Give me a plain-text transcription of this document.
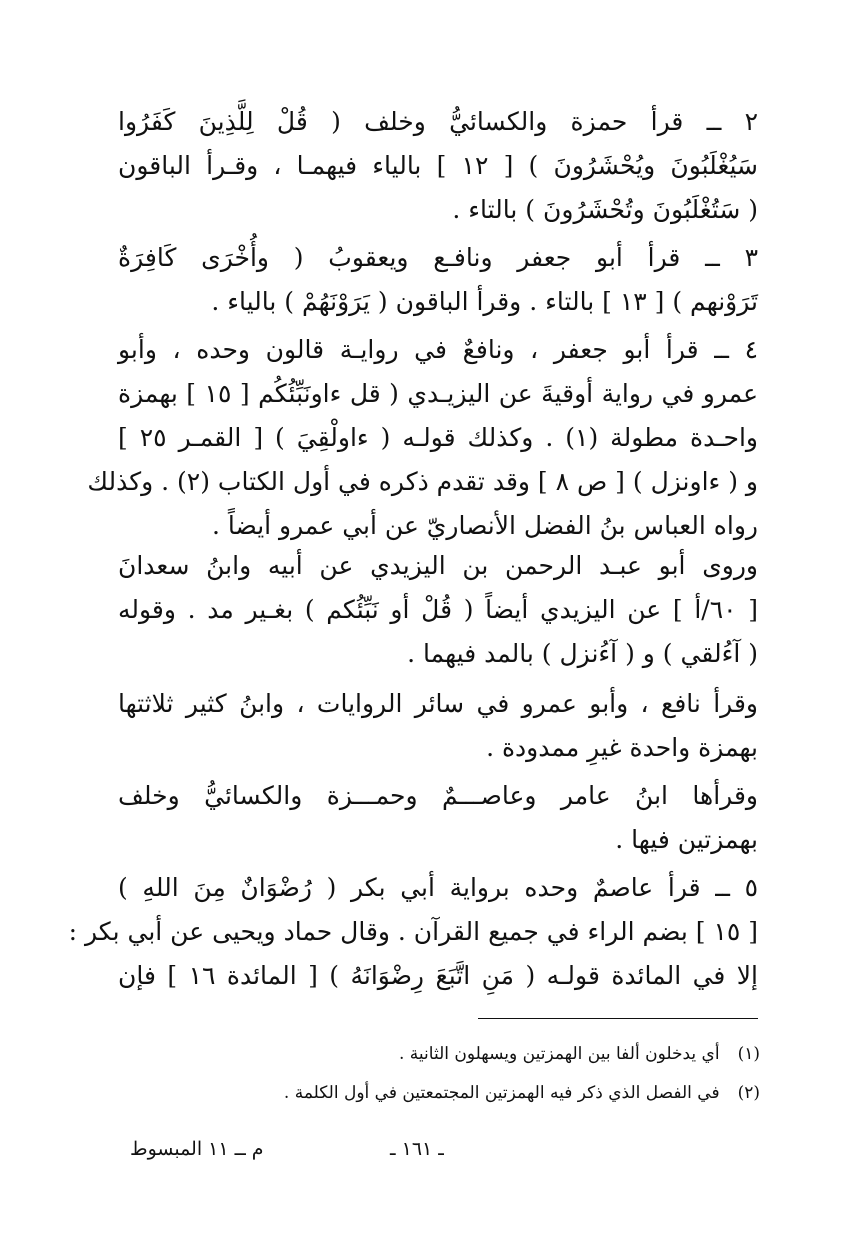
٢ ــ قرأ حمزة والكسائيُّ وخلف ( قُلْ لِلَّذِينَ كَفَرُوا
سَيُغْلَبُونَ ويُحْشَرُونَ ) [ ١٢ ] بالياء فيهمـا ، وقـرأ الباقون
( سَتُغْلَبُونَ وتُحْشَرُونَ ) بالتاء .
٣ ــ قرأ أبو جعفر ونافـع ويعقوبُ ( وأُخْرَى كَافِرَةٌ
تَرَوْنهم ) [ ١٣ ] بالتاء . وقرأ الباقون ( يَرَوْنَهُمْ ) بالياء .
٤ ــ قرأ أبو جعفر ، ونافعٌ في روايـة قالون وحده ، وأبو
عمرو في رواية أوقيةَ عن اليزيـدي ( قل ءاونَبِّئُكُم [ ١٥ ] بهمزة
واحـدة مطولة (١) . وكذلك قولـه ( ءاولْقِيَ ) [ القمـر ٢٥ ]
و ( ءاونزل ) [ ص ٨ ] وقد تقدم ذكره في أول الكتاب (٢) . وكذلك
رواه العباس بنُ الفضل الأنصاريّ عن أبي عمرو أيضاً .
وروى أبو عبـد الرحمن بن اليزيدي عن أبيه وابنُ سعدانَ
[ ٦٠/أ ] عن اليزيدي أيضاً ( قُلْ أو نَبِّئُكم ) بغـير مد . وقوله
( آءُلقي ) و ( آءُنزل ) بالمد فيهما .
وقرأ نافع ، وأبو عمرو في سائر الروايات ، وابنُ كثير ثلاثتها
بهمزة واحدة غيرِ ممدودة .
وقرأها ابنُ عامر وعاصـــمٌ وحمـــزة والكسائيُّ وخلف
بهمزتين فيها .
٥ ــ قرأ عاصمٌ وحده برواية أبي بكر ( رُضْوَانٌ مِنَ اللهِ )
[ ١٥ ] بضم الراء في جميع القرآن . وقال حماد ويحيى عن أبي بكر :
إلا في المائدة قولـه ( مَنِ اتَّبَعَ رِضْوَانَهُ ) [ المائدة ١٦ ] فإن
(١)أي يدخلون ألفا بين الهمزتين ويسهلون الثانية .
(٢)في الفصل الذي ذكر فيه الهمزتين المجتمعتين في أول الكلمة .
ـ ١٦١ ـ
م ــ ١١ المبسوط
